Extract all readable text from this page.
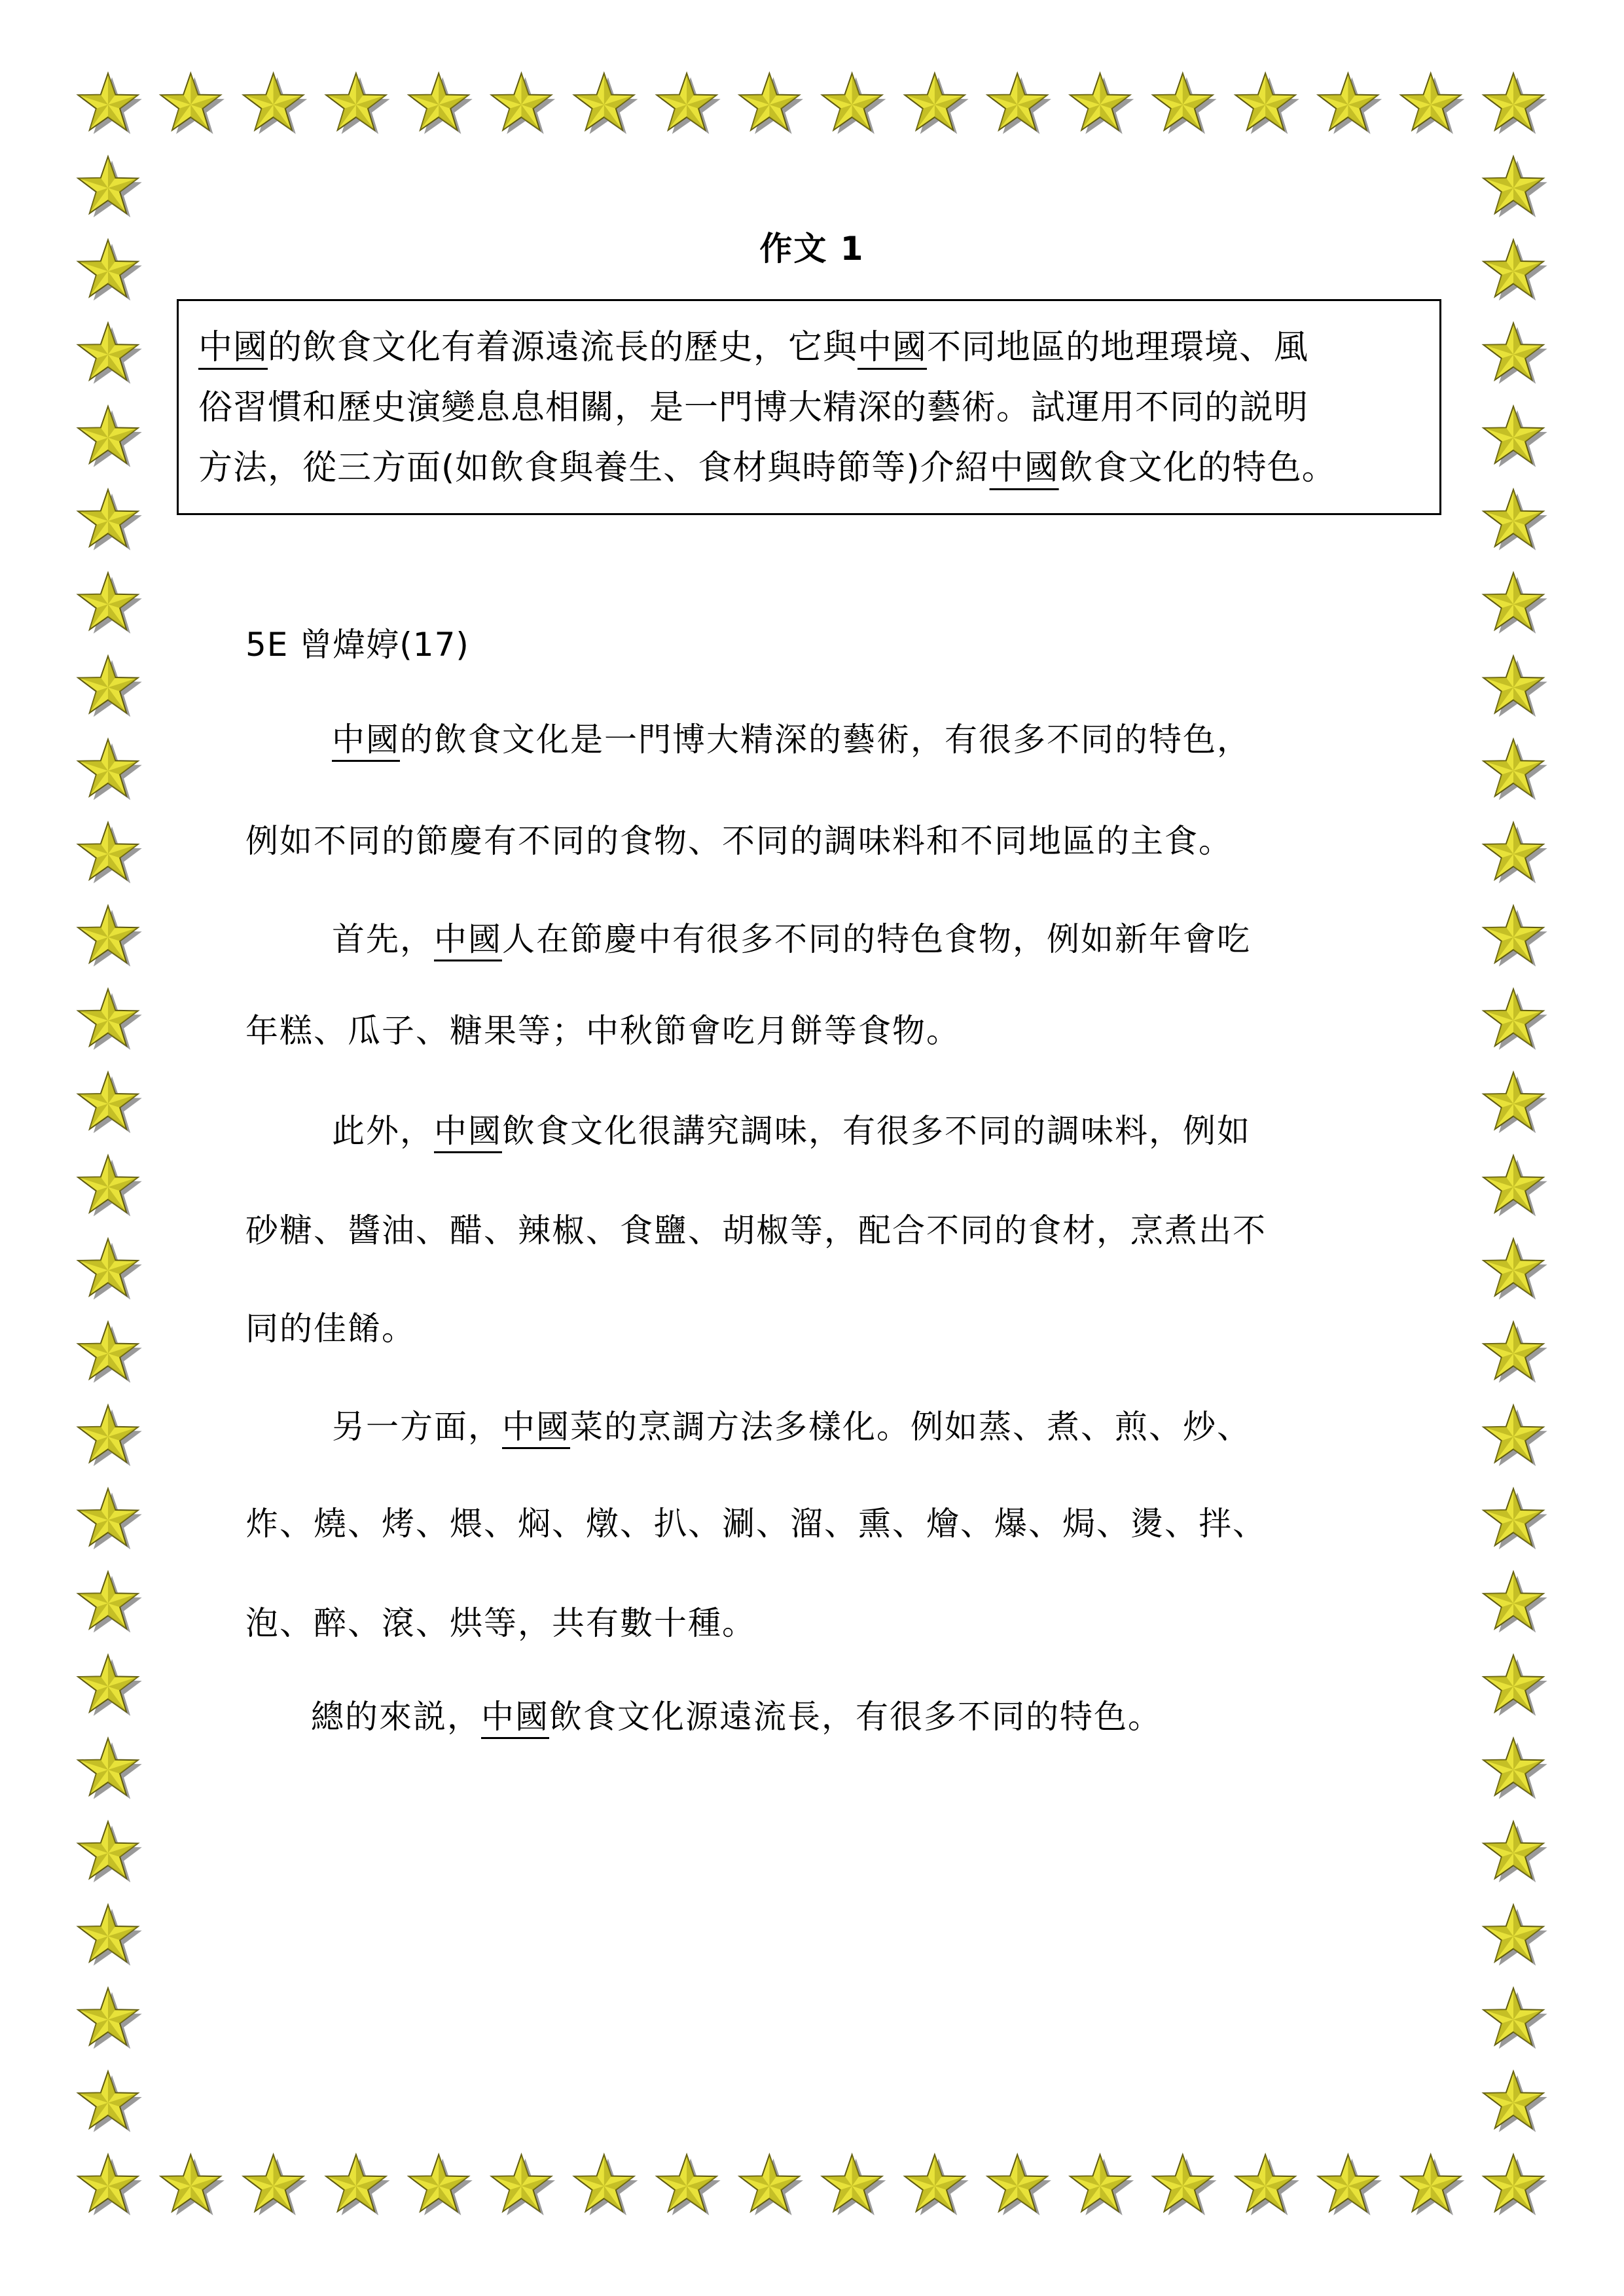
作文 1
中國的飲食文化有着源遠流長的歷史，它與中國不同地區的地理環境、風
俗習慣和歷史演變息息相關，是一門博大精深的藝術。試運用不同的説明
方法，從三方面(如飲食與養生、食材與時節等)介紹中國飲食文化的特色。
5E 曾煒婷(17)
中國的飲食文化是一門博大精深的藝術，有很多不同的特色，
例如不同的節慶有不同的食物、不同的調味料和不同地區的主食。
首先，中國人在節慶中有很多不同的特色食物，例如新年會吃
年糕、瓜子、糖果等；中秋節會吃月餅等食物。
此外，中國飲食文化很講究調味，有很多不同的調味料，例如
砂糖、醬油、醋、辣椒、食鹽、胡椒等，配合不同的食材，烹煮出不
同的佳餚。
另一方面，中國菜的烹調方法多樣化。例如蒸、煮、煎、炒、
炸、燒、烤、煨、焖、燉、扒、涮、溜、熏、燴、爆、焗、燙、拌、
泡、醉、滾、烘等，共有數十種。
總的來説，中國飲食文化源遠流長，有很多不同的特色。
